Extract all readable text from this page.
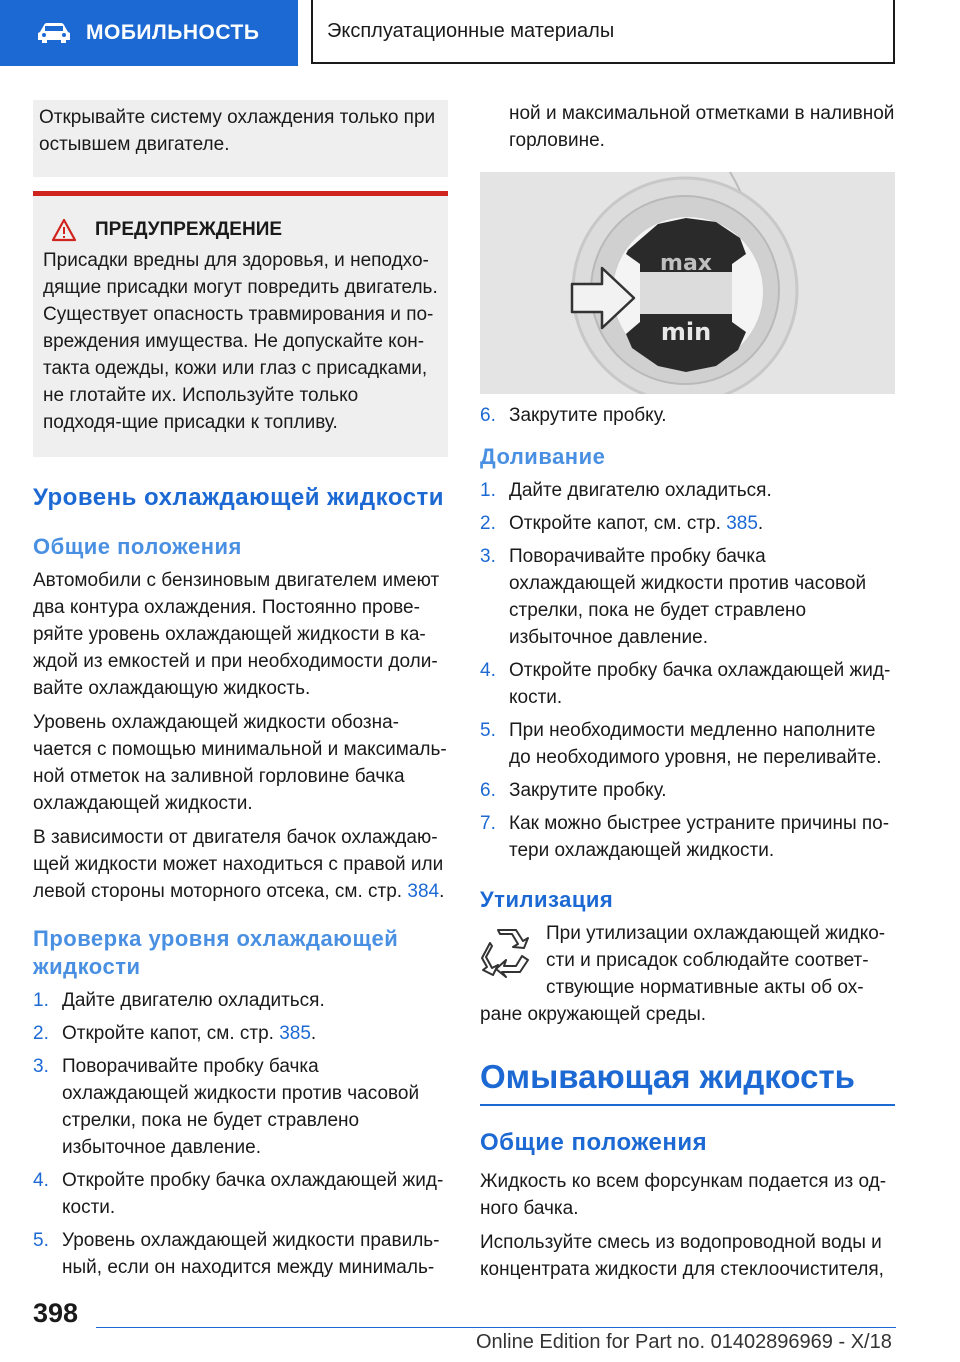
МОБИЛЬНОСТЬ	Эксплуатационные материалы

Открывайте систему охлаждения только при остывшем двигателе.

ПРЕДУПРЕЖДЕНИЕ

Присадки вредны для здоровья, и неподхо-дящие присадки могут повредить двигатель. Существует опасность травмирования и по-вреждения имущества. Не допускайте кон-такта одежды, кожи или глаз с присадками, не глотайте их. Используйте только подходя-щие присадки к топливу.

Уровень охлаждающей жидкости
Общие положения

Автомобили с бензиновым двигателем имеют два контура охлаждения. Постоянно прове-ряйте уровень охлаждающей жидкости в ка-ждой из емкостей и при необходимости доли-вайте охлаждающую жидкость.

Уровень охлаждающей жидкости обозна-чается с помощью минимальной и максималь-ной отметок на заливной горловине бачка охлаждающей жидкости.

В зависимости от двигателя бачок охлаждаю-щей жидкости может находиться с правой или левой стороны моторного отсека, см. стр. 384.

Проверка уровня охлаждающей жидкости
1. Дайте двигателю охладиться.
2. Откройте капот, см. стр. 385.
3. Поворачивайте пробку бачка охлаждающей жидкости против часовой стрелки, пока не будет стравлено избыточное давление.
4. Откройте пробку бачка охлаждающей жид-кости.
5. Уровень охлаждающей жидкости правиль-ный, если он находится между минималь-

ной и максимальной отметками в наливной горловине.

max
min
6. Закрутите пробку.
Доливание
1. Дайте двигателю охладиться.
2. Откройте капот, см. стр. 385.
3. Поворачивайте пробку бачка охлаждающей жидкости против часовой стрелки, пока не будет стравлено избыточное давление.
4. Откройте пробку бачка охлаждающей жид-кости.
5. При необходимости медленно наполните до необходимого уровня, не переливайте.
6. Закрутите пробку.
7. Как можно быстрее устраните причины по-тери охлаждающей жидкости.
Утилизация
При утилизации охлаждающей жидко-
сти и присадок соблюдайте соответ-
ствующие нормативные акты об ох-
ране окружающей среды.
Омывающая жидкость
Общие положения

Жидкость ко всем форсункам подается из од-ного бачка.

Используйте смесь из водопроводной воды и концентрата жидкости для стеклоочистителя,

398
Online Edition for Part no. 01402896969 - X/18
